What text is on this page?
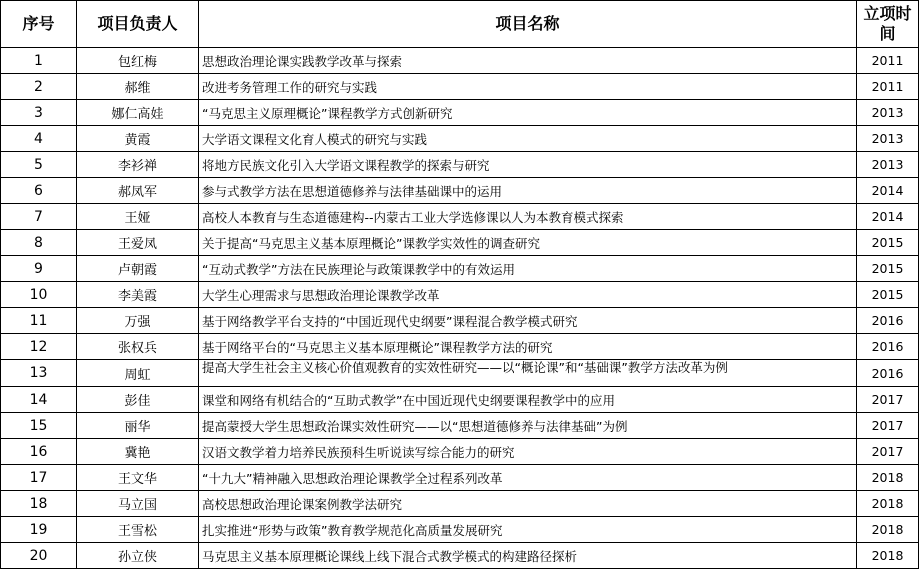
序号	项目负责人	项目名称	立项时间
1	包红梅	思想政治理论课实践教学改革与探索	2011
2	郝维	改进考务管理工作的研究与实践	2011
3	娜仁高娃	“马克思主义原理概论”课程教学方式创新研究	2013
4	黄霞	大学语文课程文化育人模式的研究与实践	2013
5	李衫禅	将地方民族文化引入大学语文课程教学的探索与研究	2013
6	郝凤军	参与式教学方法在思想道德修养与法律基础课中的运用	2014
7	王娅	高校人本教育与生态道德建构--内蒙古工业大学选修课以人为本教育模式探索	2014
8	王爱凤	关于提高“马克思主义基本原理概论”课教学实效性的调查研究	2015
9	卢朝霞	“互动式教学”方法在民族理论与政策课教学中的有效运用	2015
10	李美霞	大学生心理需求与思想政治理论课教学改革	2015
11	万强	基于网络教学平台支持的“中国近现代史纲要”课程混合教学模式研究	2016
12	张权兵	基于网络平台的“马克思主义基本原理概论”课程教学方法的研究	2016
13	周虹	提高大学生社会主义核心价值观教育的实效性研究——以“概论课”和“基础课”教学方法改革为例	2016
14	彭佳	课堂和网络有机结合的“互助式教学”在中国近现代史纲要课程教学中的应用	2017
15	丽华	提高蒙授大学生思想政治课实效性研究——以“思想道德修养与法律基础”为例	2017
16	冀艳	汉语文教学着力培养民族预科生听说读写综合能力的研究	2017
17	王文华	“十九大”精神融入思想政治理论课教学全过程系列改革	2018
18	马立国	高校思想政治理论课案例教学法研究	2018
19	王雪松	扎实推进“形势与政策”教育教学规范化高质量发展研究	2018
20	孙立侠	马克思主义基本原理概论课线上线下混合式教学模式的构建路径探析	2018
